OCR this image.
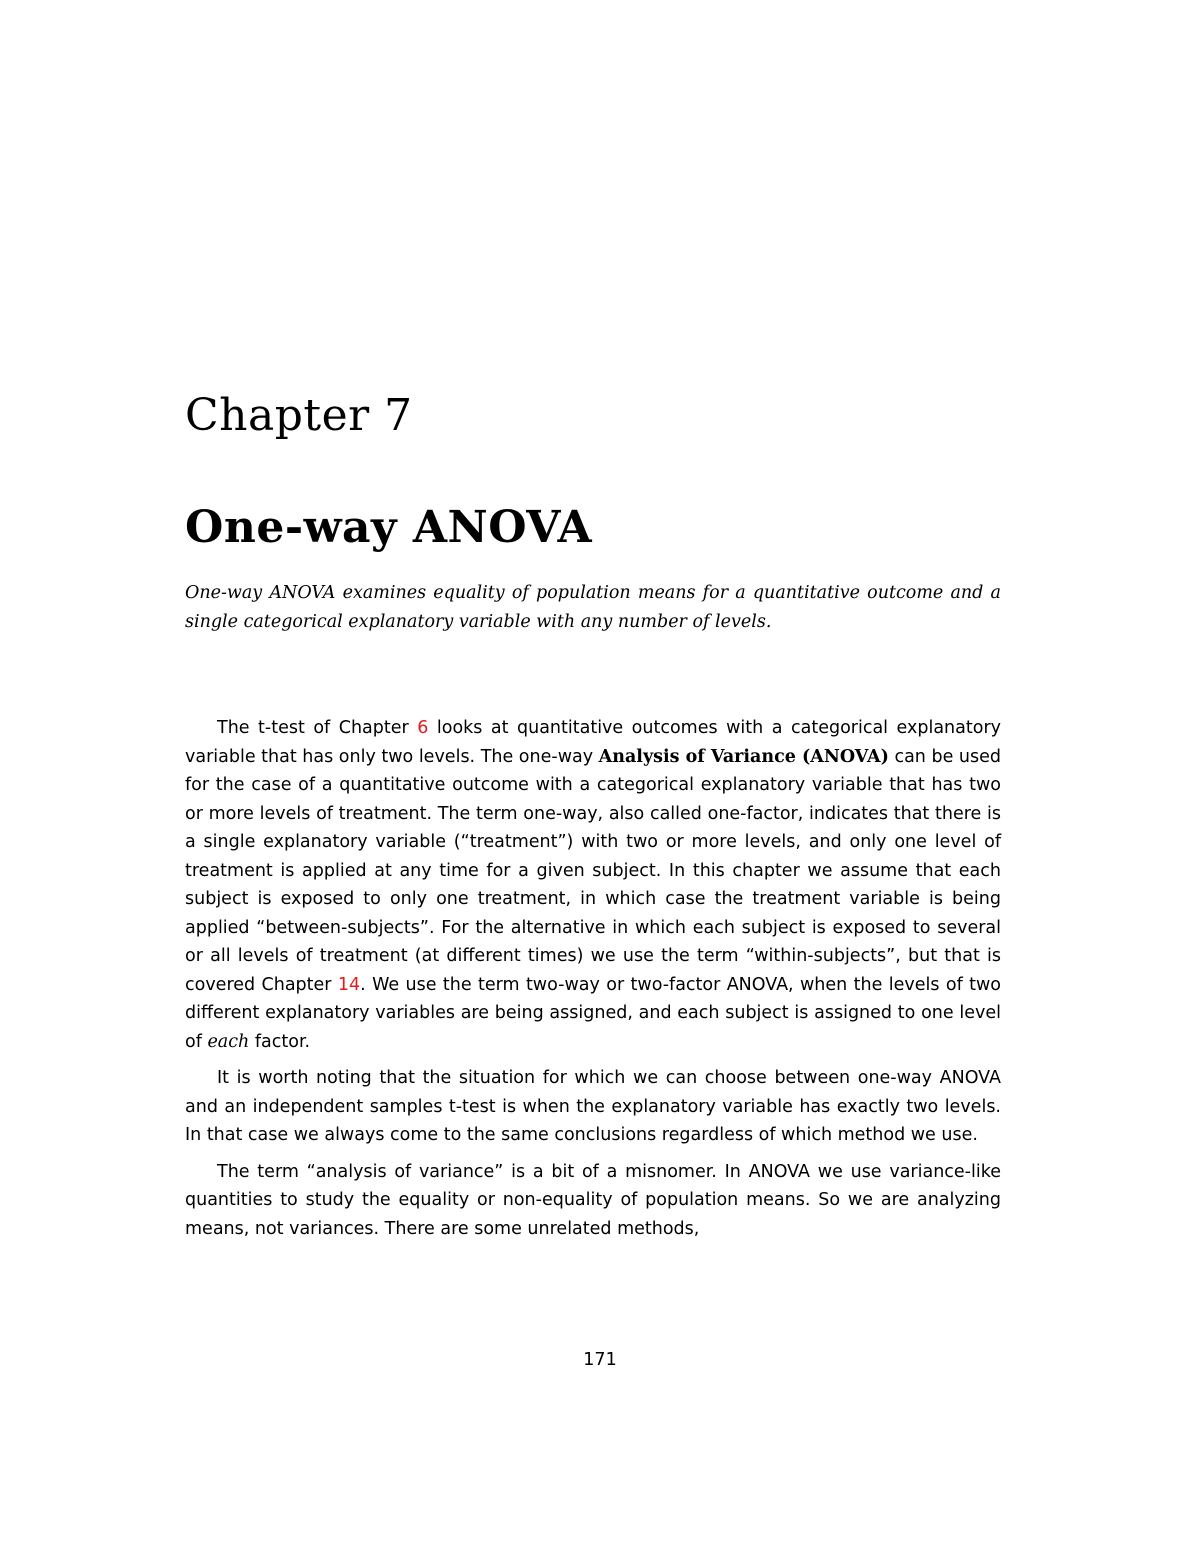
Chapter 7
One-way ANOVA
One-way ANOVA examines equality of population means for a quantitative outcome and a single categorical explanatory variable with any number of levels.

The t-test of Chapter 6 looks at quantitative outcomes with a categorical explanatory variable that has only two levels. The one-way Analysis of Variance (ANOVA) can be used for the case of a quantitative outcome with a categorical explanatory variable that has two or more levels of treatment. The term one-way, also called one-factor, indicates that there is a single explanatory variable (“treatment”) with two or more levels, and only one level of treatment is applied at any time for a given subject. In this chapter we assume that each subject is exposed to only one treatment, in which case the treatment variable is being applied “between-subjects”. For the alternative in which each subject is exposed to several or all levels of treatment (at different times) we use the term “within-subjects”, but that is covered Chapter 14. We use the term two-way or two-factor ANOVA, when the levels of two different explanatory variables are being assigned, and each subject is assigned to one level of each factor.

It is worth noting that the situation for which we can choose between one-way ANOVA and an independent samples t-test is when the explanatory variable has exactly two levels. In that case we always come to the same conclusions regardless of which method we use.

The term “analysis of variance” is a bit of a misnomer. In ANOVA we use variance-like quantities to study the equality or non-equality of population means. So we are analyzing means, not variances. There are some unrelated methods,

171
